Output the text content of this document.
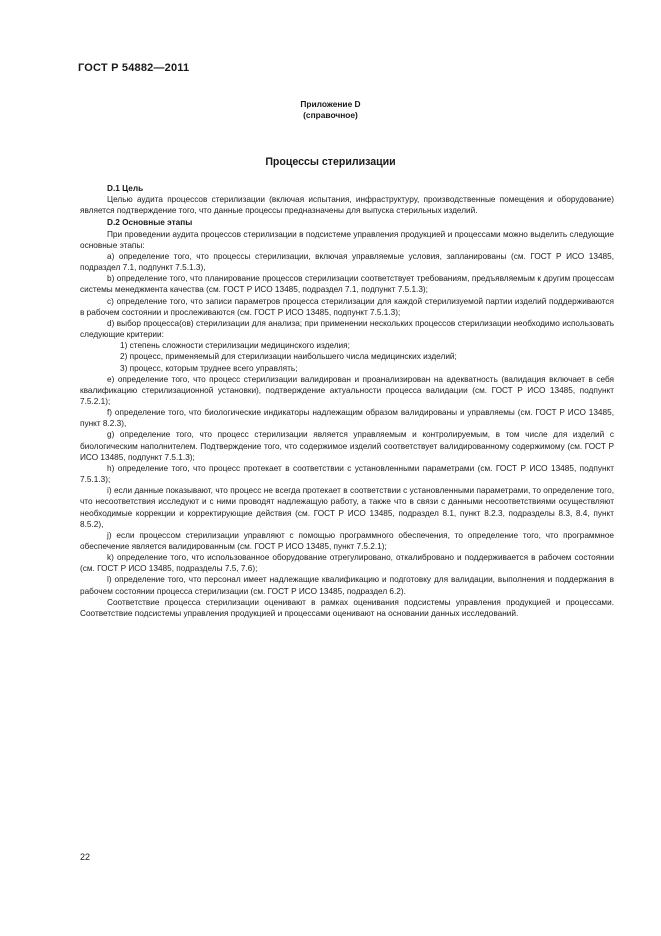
ГОСТ Р 54882—2011
Приложение D
(справочное)
Процессы стерилизации

D.1 Цель

Целью аудита процессов стерилизации (включая испытания, инфраструктуру, производственные помещения и оборудование) является подтверждение того, что данные процессы предназначены для выпуска стерильных изделий.

D.2 Основные этапы

При проведении аудита процессов стерилизации в подсистеме управления продукцией и процессами можно выделить следующие основные этапы:

а) определение того, что процессы стерилизации, включая управляемые условия, запланированы (см. ГОСТ Р ИСО 13485, подраздел 7.1, подпункт 7.5.1.3),

b) определение того, что планирование процессов стерилизации соответствует требованиям, предъявляемым к другим процессам системы менеджмента качества (см. ГОСТ Р ИСО 13485, подраздел 7.1, подпункт 7.5.1.3);

c) определение того, что записи параметров процесса стерилизации для каждой стерилизуемой партии изделий поддерживаются в рабочем состоянии и прослеживаются (см. ГОСТ Р ИСО 13485, подпункт 7.5.1.3);

d) выбор процесса(ов) стерилизации для анализа; при применении нескольких процессов стерилизации необходимо использовать следующие критерии:

1) степень сложности стерилизации медицинского изделия;

2) процесс, применяемый для стерилизации наибольшего числа медицинских изделий;

3) процесс, которым труднее всего управлять;

е) определение того, что процесс стерилизации валидирован и проанализирован на адекватность (валидация включает в себя квалификацию стерилизационной установки), подтверждение актуальности процесса валидации (см. ГОСТ Р ИСО 13485, подпункт 7.5.2.1);

f) определение того, что биологические индикаторы надлежащим образом валидированы и управляемы (см. ГОСТ Р ИСО 13485, пункт 8.2.3),

g) определение того, что процесс стерилизации является управляемым и контролируемым, в том числе для изделий с биологическим наполнителем. Подтверждение того, что содержимое изделий соответствует валидированному содержимому (см. ГОСТ Р ИСО 13485, подпункт 7.5.1.3);

h) определение того, что процесс протекает в соответствии с установленными параметрами (см. ГОСТ Р ИСО 13485, подпункт 7.5.1.3);

i) если данные показывают, что процесс не всегда протекает в соответствии с установленными параметрами, то определение того, что несоответствия исследуют и с ними проводят надлежащую работу, а также что в связи с данными несоответствиями осуществляют необходимые коррекции и корректирующие действия (см. ГОСТ Р ИСО 13485, подраздел 8.1, пункт 8.2.3, подразделы 8.3, 8.4, пункт 8.5.2),

j) если процессом стерилизации управляют с помощью программного обеспечения, то определение того, что программное обеспечение является валидированным (см. ГОСТ Р ИСО 13485, пункт 7.5.2.1);

k) определение того, что использованное оборудование отрегулировано, откалибровано и поддерживается в рабочем состоянии (см. ГОСТ Р ИСО 13485, подразделы 7.5, 7.6);

l) определение того, что персонал имеет надлежащие квалификацию и подготовку для валидации, выполнения и поддержания в рабочем состоянии процесса стерилизации (см. ГОСТ Р ИСО 13485, подраздел 6.2).

Соответствие процесса стерилизации оценивают в рамках оценивания подсистемы управления продукцией и процессами. Соответствие подсистемы управления продукцией и процессами оценивают на основании данных исследований.

22
